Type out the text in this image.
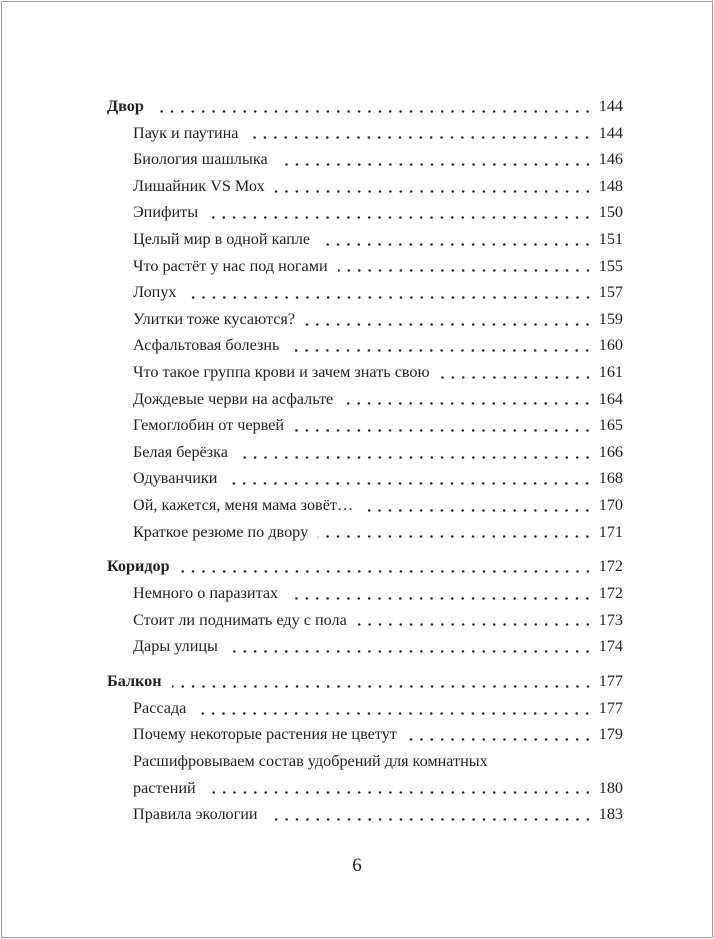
Двор	144
Паук и паутина	144
Биология шашлыка	146
Лишайник VS Мох	148
Эпифиты	150
Целый мир в одной капле	151
Что растёт у нас под ногами	155
Лопух	157
Улитки тоже кусаются?	159
Асфальтовая болезнь	160
Что такое группа крови и зачем знать свою	161
Дождевые черви на асфальте	164
Гемоглобин от червей	165
Белая берёзка	166
Одуванчики	168
Ой, кажется, меня мама зовёт…	170
Краткое резюме по двору	171
Коридор	172
Немного о паразитах	172
Стоит ли поднимать еду с пола	173
Дары улицы	174
Балкон	177
Рассада	177
Почему некоторые растения не цветут	179
Расшифровываем состав удобрений для комнатных
растений	180
Правила экологии	183
6
